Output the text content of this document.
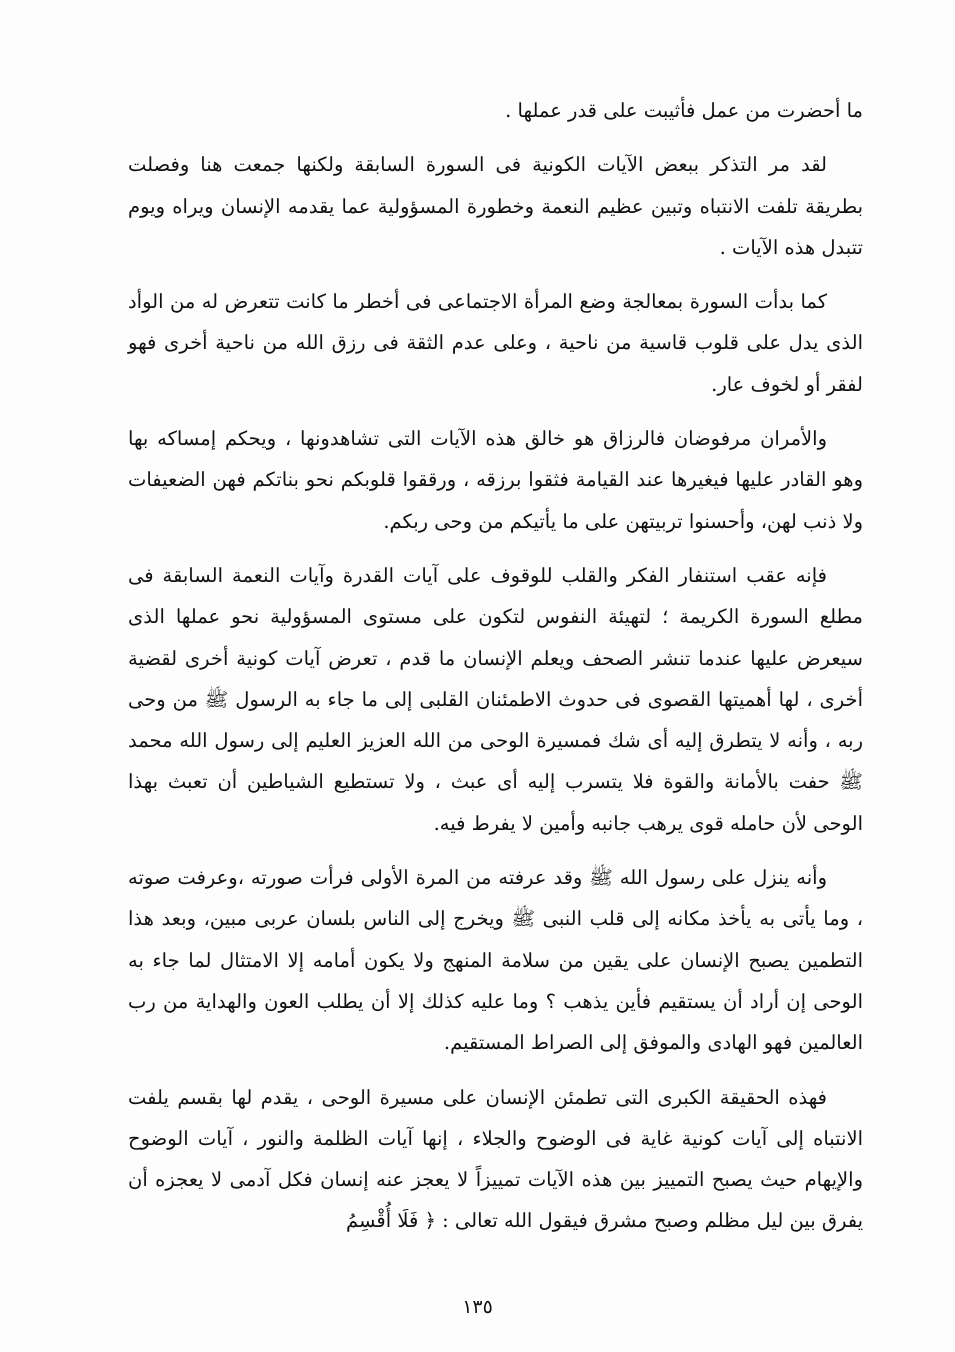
ما أحضرت من عمل فأثيبت على قدر عملها .

لقد مر التذكر ببعض الآيات الكونية فى السورة السابقة ولكنها جمعت هنا وفصلت بطريقة تلفت الانتباه وتبين عظيم النعمة وخطورة المسؤولية عما يقدمه الإنسان ويراه ويوم تتبدل هذه الآيات .

كما بدأت السورة بمعالجة وضع المرأة الاجتماعى فى أخطر ما كانت تتعرض له من الوأد الذى يدل على قلوب قاسية من ناحية ، وعلى عدم الثقة فى رزق الله من ناحية أخرى فهو لفقر أو لخوف عار.

والأمران مرفوضان فالرزاق هو خالق هذه الآيات التى تشاهدونها ، ويحكم إمساكه بها وهو القادر عليها فيغيرها عند القيامة فثقوا برزقه ، ورققوا قلوبكم نحو بناتكم فهن الضعيفات ولا ذنب لهن، وأحسنوا تربيتهن على ما يأتيكم من وحى ربكم.

فإنه عقب استنفار الفكر والقلب للوقوف على آيات القدرة وآيات النعمة السابقة فى مطلع السورة الكريمة ؛ لتهيئة النفوس لتكون على مستوى المسؤولية نحو عملها الذى سيعرض عليها عندما تنشر الصحف ويعلم الإنسان ما قدم ، تعرض آيات كونية أخرى لقضية أخرى ، لها أهميتها القصوى فى حدوث الاطمئنان القلبى إلى ما جاء به الرسول ﷺ من وحى ربه ، وأنه لا يتطرق إليه أى شك فمسيرة الوحى من الله العزيز العليم إلى رسول الله محمد ﷺ حفت بالأمانة والقوة فلا يتسرب إليه أى عبث ، ولا تستطيع الشياطين أن تعبث بهذا الوحى لأن حامله قوى يرهب جانبه وأمين لا يفرط فيه.

وأنه ينزل على رسول الله ﷺ وقد عرفته من المرة الأولى فرأت صورته ،وعرفت صوته ، وما يأتى به يأخذ مكانه إلى قلب النبى ﷺ ويخرج إلى الناس بلسان عربى مبين، وبعد هذا التطمين يصبح الإنسان على يقين من سلامة المنهج ولا يكون أمامه إلا الامتثال لما جاء به الوحى إن أراد أن يستقيم فأين يذهب ؟ وما عليه كذلك إلا أن يطلب العون والهداية من رب العالمين فهو الهادى والموفق إلى الصراط المستقيم.

فهذه الحقيقة الكبرى التى تطمئن الإنسان على مسيرة الوحى ، يقدم لها بقسم يلفت الانتباه إلى آيات كونية غاية فى الوضوح والجلاء ، إنها آيات الظلمة والنور ، آيات الوضوح والإيهام حيث يصبح التمييز بين هذه الآيات تمييزاً لا يعجز عنه إنسان فكل آدمى لا يعجزه أن يفرق بين ليل مظلم وصبح مشرق فيقول الله تعالى : ﴿ فَلَا أُقْسِمُ

١٣٥
